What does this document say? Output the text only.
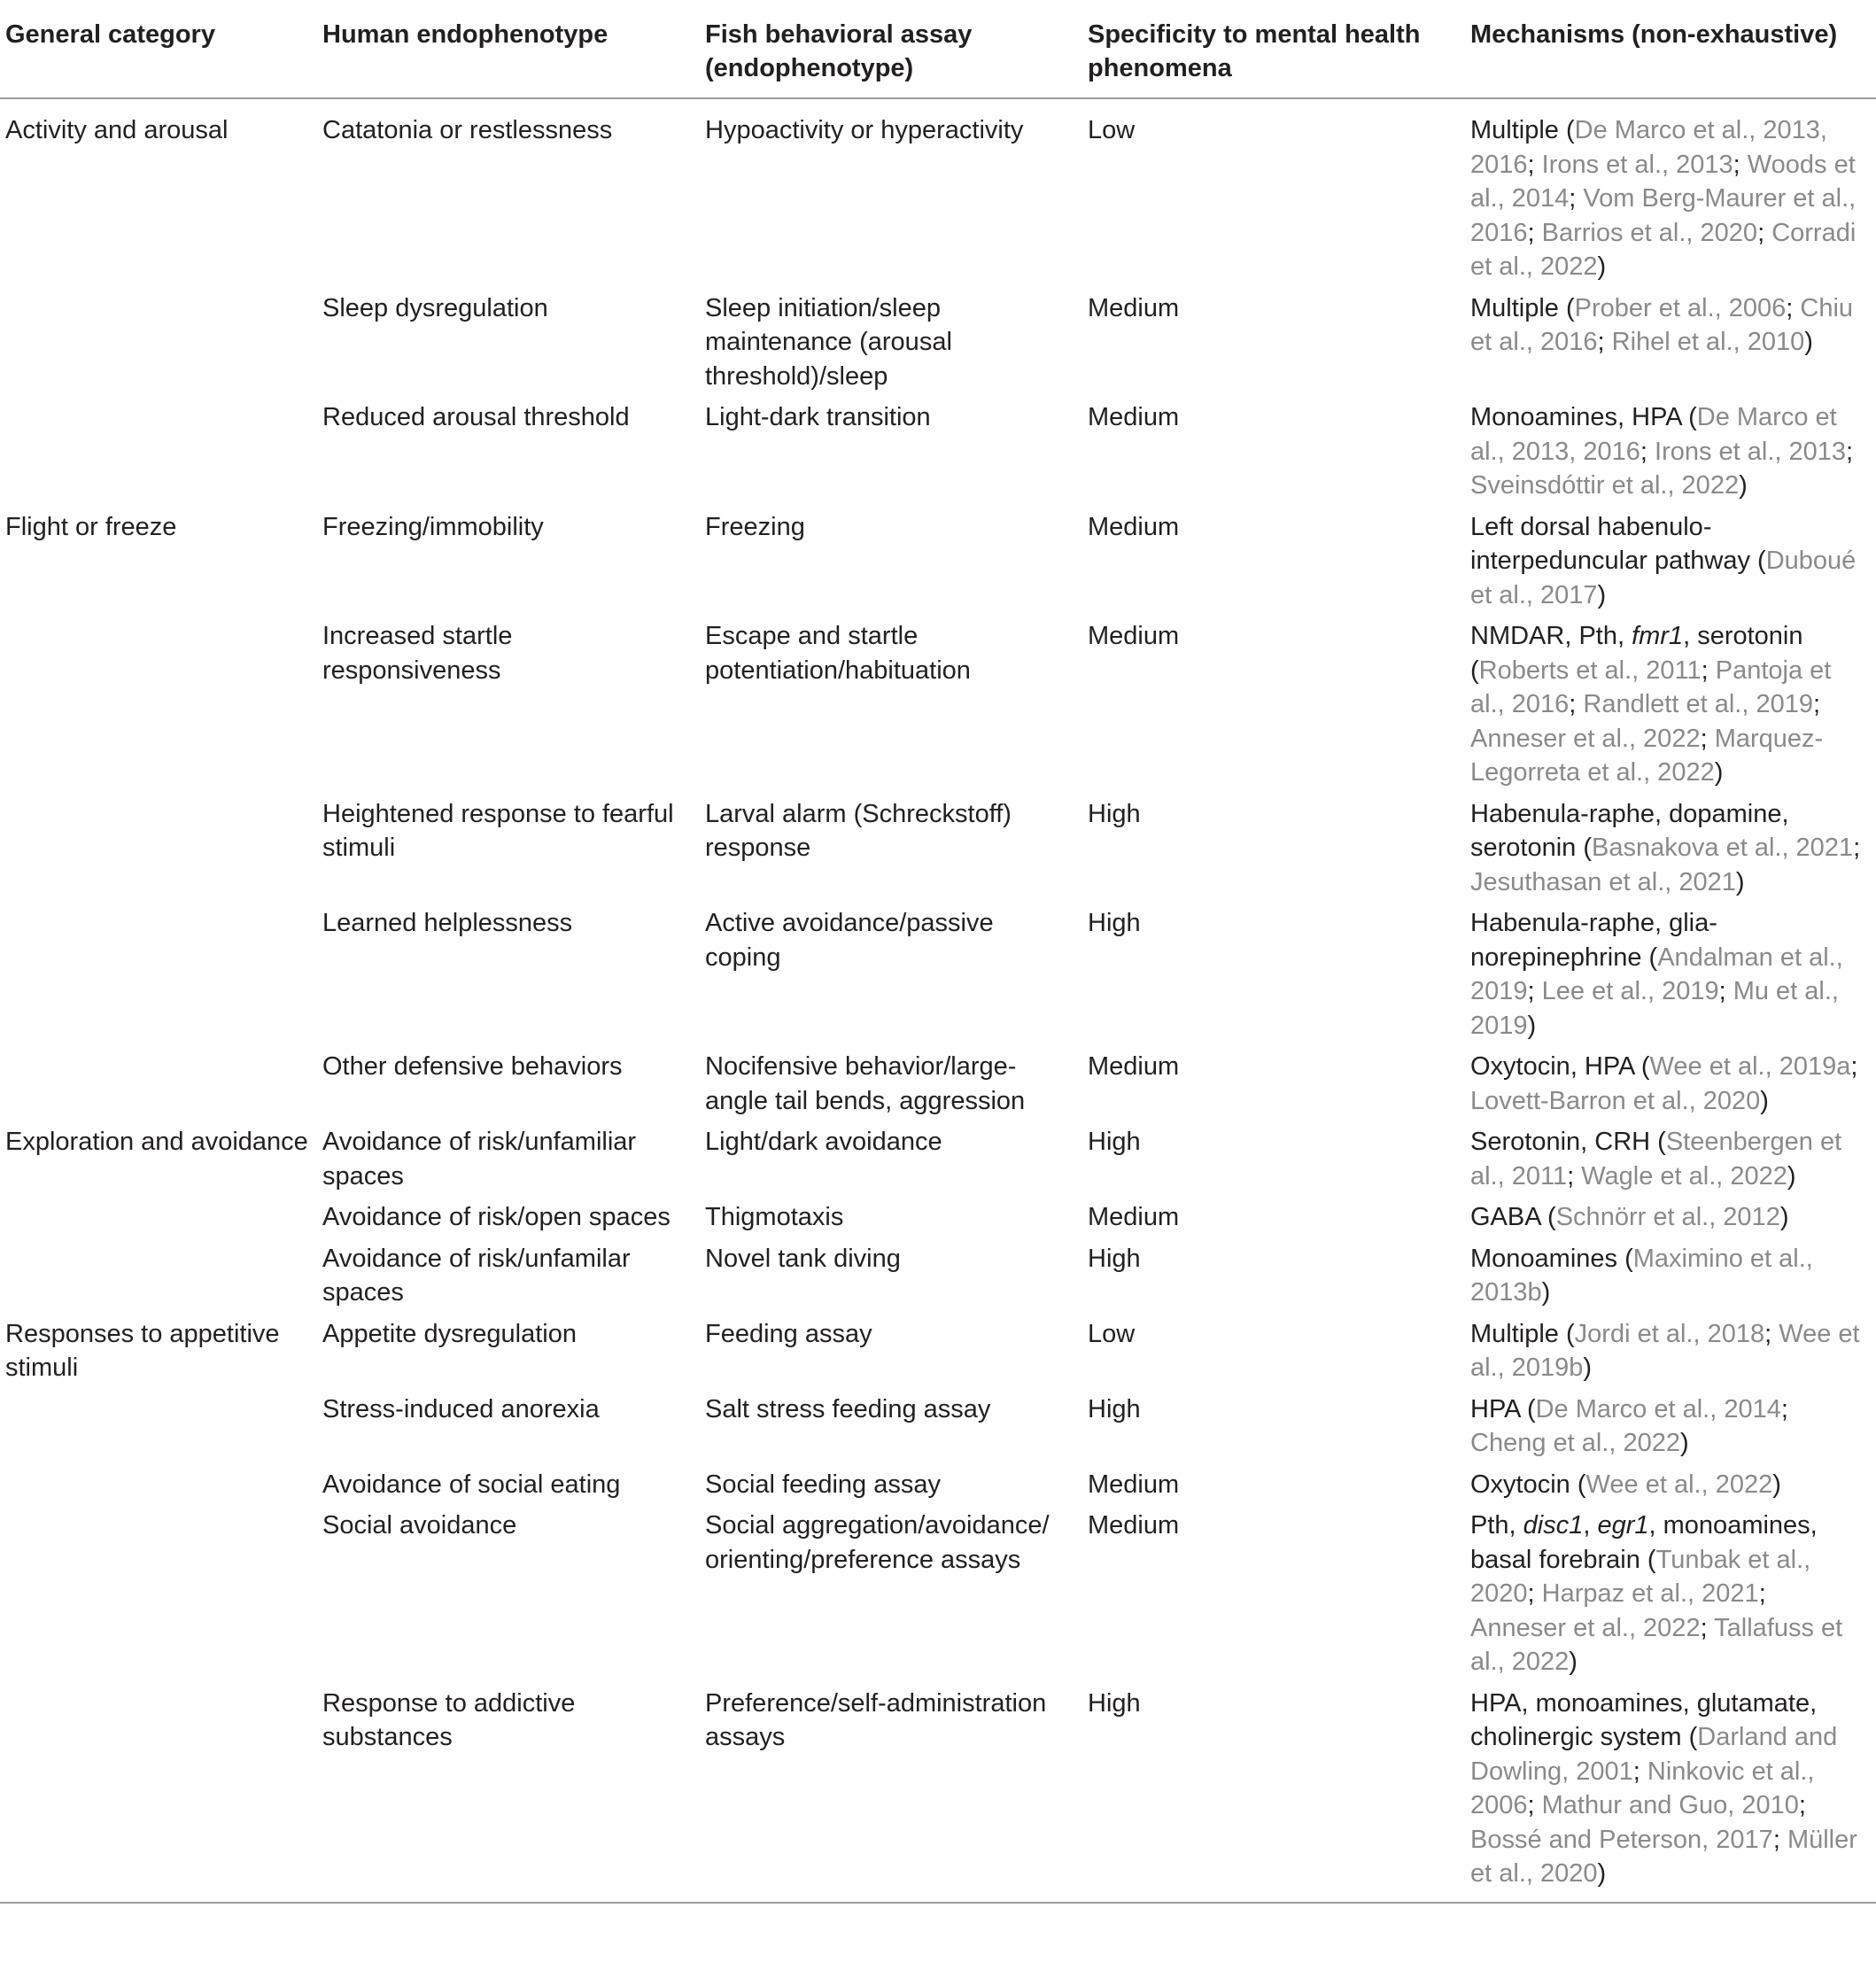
General category	Human endophenotype	Fish behavioral assay (endophenotype)	Specificity to mental health phenomena	Mechanisms (non-exhaustive)
Activity and arousal	Catatonia or restlessness	Hypoactivity or hyperactivity	Low	Multiple (De Marco et al., 2013, 2016; Irons et al., 2013; Woods et al., 2014; Vom Berg-Maurer et al., 2016; Barrios et al., 2020; Corradi et al., 2022)
	Sleep dysregulation	Sleep initiation/sleep maintenance (arousal threshold)/sleep	Medium	Multiple (Prober et al., 2006; Chiu et al., 2016; Rihel et al., 2010)
	Reduced arousal threshold	Light-dark transition	Medium	Monoamines, HPA (De Marco et al., 2013, 2016; Irons et al., 2013; Sveinsdóttir et al., 2022)
Flight or freeze	Freezing/immobility	Freezing	Medium	Left dorsal habenulo-interpeduncular pathway (Duboué et al., 2017)
	Increased startle responsiveness	Escape and startle potentiation/habituation	Medium	NMDAR, Pth, fmr1, serotonin (Roberts et al., 2011; Pantoja et al., 2016; Randlett et al., 2019; Anneser et al., 2022; Marquez-Legorreta et al., 2022)
	Heightened response to fearful stimuli	Larval alarm (Schreckstoff) response	High	Habenula-raphe, dopamine, serotonin (Basnakova et al., 2021; Jesuthasan et al., 2021)
	Learned helplessness	Active avoidance/passive coping	High	Habenula-raphe, glia-norepinephrine (Andalman et al., 2019; Lee et al., 2019; Mu et al., 2019)
	Other defensive behaviors	Nocifensive behavior/large-angle tail bends, aggression	Medium	Oxytocin, HPA (Wee et al., 2019a; Lovett-Barron et al., 2020)
Exploration and avoidance	Avoidance of risk/unfamiliar spaces	Light/dark avoidance	High	Serotonin, CRH (Steenbergen et al., 2011; Wagle et al., 2022)
	Avoidance of risk/open spaces	Thigmotaxis	Medium	GABA (Schnörr et al., 2012)
	Avoidance of risk/unfamilar spaces	Novel tank diving	High	Monoamines (Maximino et al., 2013b)
Responses to appetitive stimuli	Appetite dysregulation	Feeding assay	Low	Multiple (Jordi et al., 2018; Wee et al., 2019b)
	Stress-induced anorexia	Salt stress feeding assay	High	HPA (De Marco et al., 2014; Cheng et al., 2022)
	Avoidance of social eating	Social feeding assay	Medium	Oxytocin (Wee et al., 2022)
	Social avoidance	Social aggregation/avoidance/ orienting/preference assays	Medium	Pth, disc1, egr1, monoamines, basal forebrain (Tunbak et al., 2020; Harpaz et al., 2021; Anneser et al., 2022; Tallafuss et al., 2022)
	Response to addictive substances	Preference/self-administration assays	High	HPA, monoamines, glutamate, cholinergic system (Darland and Dowling, 2001; Ninkovic et al., 2006; Mathur and Guo, 2010; Bossé and Peterson, 2017; Müller et al., 2020)
